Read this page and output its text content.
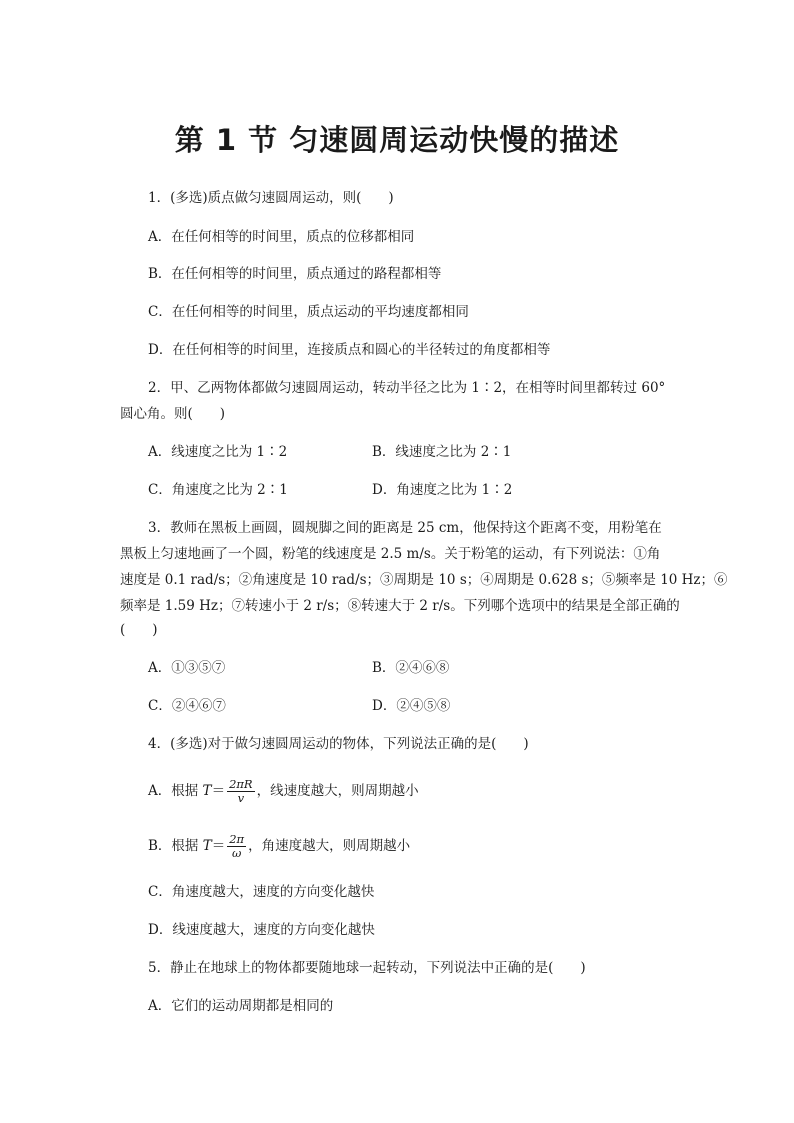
第 1 节 匀速圆周运动快慢的描述
1．(多选)质点做匀速圆周运动，则(　　)
A．在任何相等的时间里，质点的位移都相同
B．在任何相等的时间里，质点通过的路程都相等
C．在任何相等的时间里，质点运动的平均速度都相同
D．在任何相等的时间里，连接质点和圆心的半径转过的角度都相等
2．甲、乙两物体都做匀速圆周运动，转动半径之比为 1∶2，在相等时间里都转过 60°
圆心角。则(　　)
A．线速度之比为 1∶2	B．线速度之比为 2∶1
C．角速度之比为 2∶1	D．角速度之比为 1∶2
3．教师在黑板上画圆，圆规脚之间的距离是 25 cm，他保持这个距离不变，用粉笔在
黑板上匀速地画了一个圆，粉笔的线速度是 2.5 m/s。关于粉笔的运动，有下列说法：①角
速度是 0.1 rad/s；②角速度是 10 rad/s；③周期是 10 s；④周期是 0.628 s；⑤频率是 10 Hz；⑥
频率是 1.59 Hz；⑦转速小于 2 r/s；⑧转速大于 2 r/s。下列哪个选项中的结果是全部正确的
(　　)
A．①③⑤⑦	B．②④⑥⑧
C．②④⑥⑦	D．②④⑤⑧
4．(多选)对于做匀速圆周运动的物体，下列说法正确的是(　　)
A．根据 $T= \frac{2\pi R}{v}$ ，线速度越大，则周期越小
B．根据 $T= \frac{2\pi}{\omega}$ ，角速度越大，则周期越小
C．角速度越大，速度的方向变化越快
D．线速度越大，速度的方向变化越快
5．静止在地球上的物体都要随地球一起转动，下列说法中正确的是(　　)
A．它们的运动周期都是相同的
